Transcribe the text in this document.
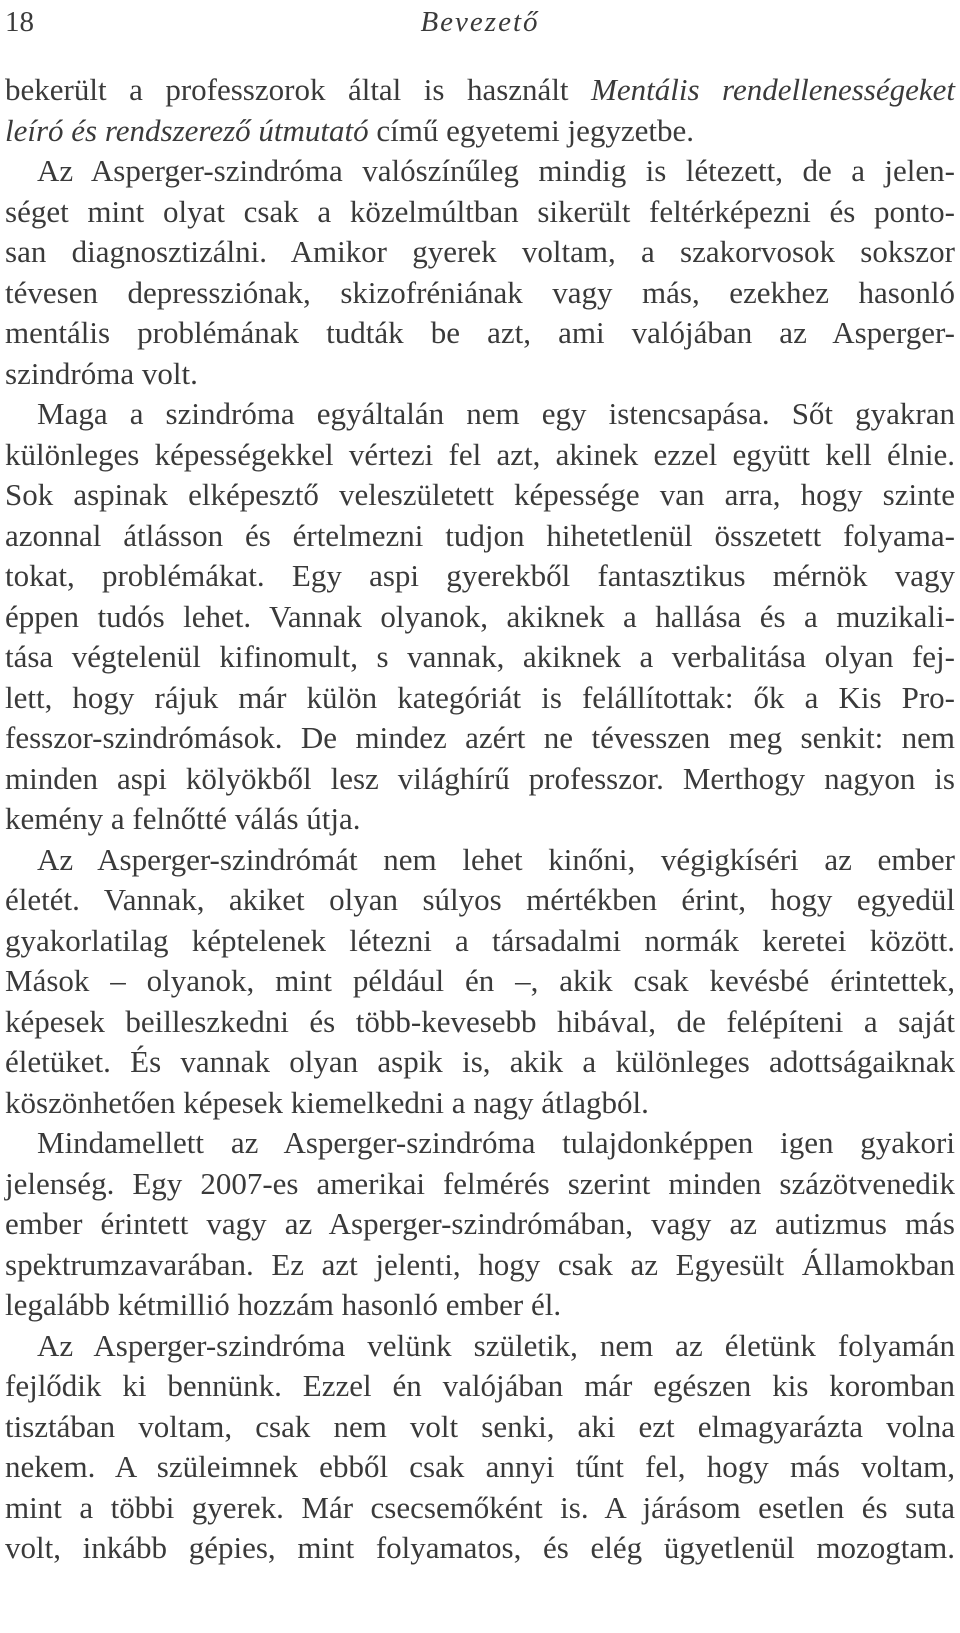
18	Bevezető
bekerült a professzorok által is használt Mentális rendellenességeket
leíró és rendszerező útmutató című egyetemi jegyzetbe.
Az Asperger-szindróma valószínűleg mindig is létezett, de a jelen-
séget mint olyat csak a közelmúltban sikerült feltérképezni és ponto-
san diagnosztizálni. Amikor gyerek voltam, a szakorvosok sokszor
tévesen depressziónak, skizofréniának vagy más, ezekhez hasonló
mentális problémának tudták be azt, ami valójában az Asperger-
szindróma volt.
Maga a szindróma egyáltalán nem egy istencsapása. Sőt gyakran
különleges képességekkel vértezi fel azt, akinek ezzel együtt kell élnie.
Sok aspinak elképesztő veleszületett képessége van arra, hogy szinte
azonnal átlásson és értelmezni tudjon hihetetlenül összetett folyama-
tokat, problémákat. Egy aspi gyerekből fantasztikus mérnök vagy
éppen tudós lehet. Vannak olyanok, akiknek a hallása és a muzikali-
tása végtelenül kifinomult, s vannak, akiknek a verbalitása olyan fej-
lett, hogy rájuk már külön kategóriát is felállítottak: ők a Kis Pro-
fesszor-szindrómások. De mindez azért ne tévesszen meg senkit: nem
minden aspi kölyökből lesz világhírű professzor. Merthogy nagyon is
kemény a felnőtté válás útja.
Az Asperger-szindrómát nem lehet kinőni, végigkíséri az ember
életét. Vannak, akiket olyan súlyos mértékben érint, hogy egyedül
gyakorlatilag képtelenek létezni a társadalmi normák keretei között.
Mások – olyanok, mint például én –, akik csak kevésbé érintettek,
képesek beilleszkedni és több-kevesebb hibával, de felépíteni a saját
életüket. És vannak olyan aspik is, akik a különleges adottságaiknak
köszönhetően képesek kiemelkedni a nagy átlagból.
Mindamellett az Asperger-szindróma tulajdonképpen igen gyakori
jelenség. Egy 2007-es amerikai felmérés szerint minden százötvenedik
ember érintett vagy az Asperger-szindrómában, vagy az autizmus más
spektrumzavarában. Ez azt jelenti, hogy csak az Egyesült Államokban
legalább kétmillió hozzám hasonló ember él.
Az Asperger-szindróma velünk születik, nem az életünk folyamán
fejlődik ki bennünk. Ezzel én valójában már egészen kis koromban
tisztában voltam, csak nem volt senki, aki ezt elmagyarázta volna
nekem. A szüleimnek ebből csak annyi tűnt fel, hogy más voltam,
mint a többi gyerek. Már csecsemőként is. A járásom esetlen és suta
volt, inkább gépies, mint folyamatos, és elég ügyetlenül mozogtam.
